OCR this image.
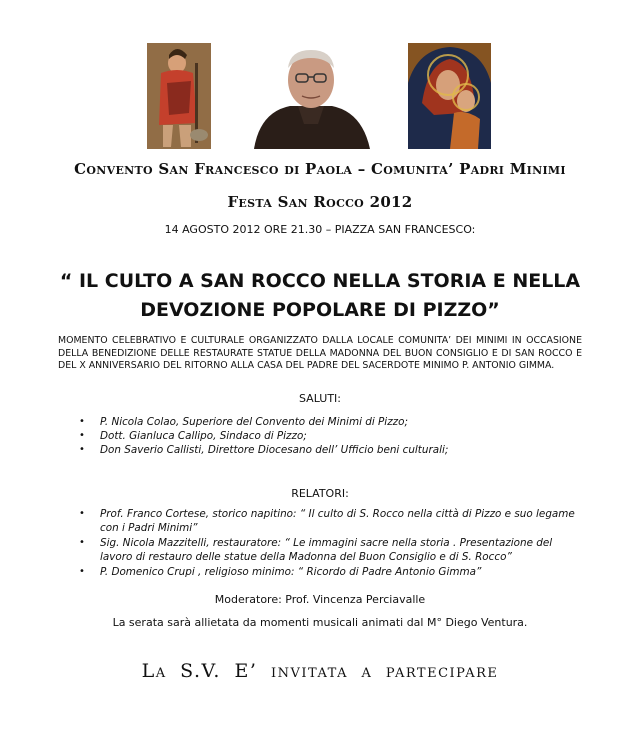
Convento San Francesco di Paola – Comunita’ Padri Minimi
Festa San Rocco 2012
14 AGOSTO 2012 ORE 21.30 – PIAZZA SAN FRANCESCO:
“ IL CULTO A SAN ROCCO NELLA STORIA E NELLA
DEVOZIONE POPOLARE DI PIZZO”
MOMENTO CELEBRATIVO E CULTURALE ORGANIZZATO DALLA LOCALE COMUNITA’ DEI MINIMI IN OCCASIONE DELLA BENEDIZIONE DELLE RESTAURATE STATUE DELLA MADONNA DEL BUON CONSIGLIO E DI SAN ROCCO E DEL X ANNIVERSARIO DEL RITORNO ALLA CASA DEL PADRE DEL SACERDOTE MINIMO P. ANTONIO GIMMA.
SALUTI:
• P. Nicola Colao, Superiore del Convento dei Minimi di Pizzo;
• Dott. Gianluca Callipo, Sindaco di Pizzo;
• Don Saverio Callisti, Direttore Diocesano dell’ Ufficio beni culturali;
RELATORI:
• Prof. Franco Cortese, storico napitino: “ Il culto di S. Rocco nella città di Pizzo e suo legame con i Padri Minimi”
• Sig. Nicola Mazzitelli, restauratore: “ Le immagini sacre nella storia . Presentazione del lavoro di restauro delle statue della Madonna del Buon Consiglio e di S. Rocco”
• P. Domenico Crupi , religioso minimo: “ Ricordo di Padre Antonio Gimma”
Moderatore: Prof. Vincenza Perciavalle
La serata sarà allietata da momenti musicali animati dal M° Diego Ventura.
La S.V. E’ invitata a partecipare
